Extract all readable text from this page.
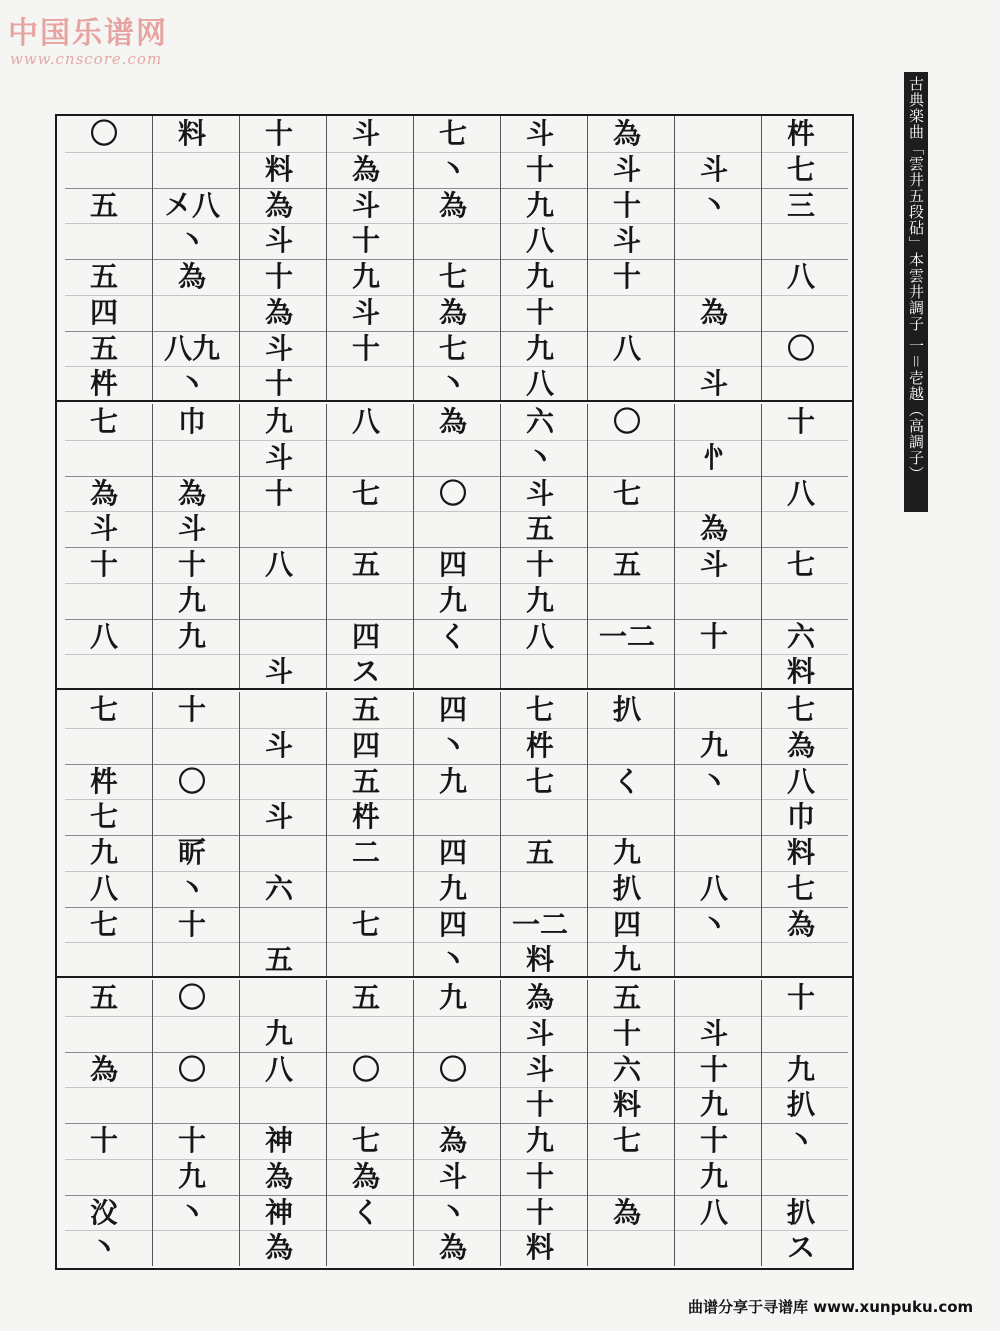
中国乐谱网
www.cnscore.com
古典楽曲「雲井五段砧」本雲井調子 一＝壱越（高調子）
〇
五
五
四
五
㭌
料
㐅八
丶
為
八九
丶
十
料
為
斗
十
為
斗
十
斗
為
斗
十
九
斗
十
七
丶
為
七
為
七
丶
斗
十
九
八
九
十
九
八
為
斗
十
斗
十
八
斗
丶
為
斗
㭌
七
三
八
〇
七
為
斗
十
八
巾
為
斗
十
九
九
九
斗
十
八
斗
八
七
五
四
ス
為
〇
四
九
く
六
丶
斗
五
十
九
八
〇
七
五
一二
㣺
為
斗
十
十
八
七
六
料
七
㭌
七
九
八
七
十
〇
㪽
丶
十
斗
斗
六
五
五
四
五
㭌
二
七
四
丶
九
四
九
四
丶
七
㭌
七
五
一二
料
扒
く
九
扒
四
九
九
丶
八
丶
七
為
八
巾
料
七
為
五
為
十
㳇
丶
〇
〇
十
九
丶
九
八
神
為
神
為
五
〇
七
為
く
九
〇
為
斗
丶
為
為
斗
斗
十
九
十
十
料
五
十
六
料
七
為
斗
十
九
十
九
八
十
九
扒
丶
扒
ス
曲谱分享于寻谱库 www.xunpuku.com
